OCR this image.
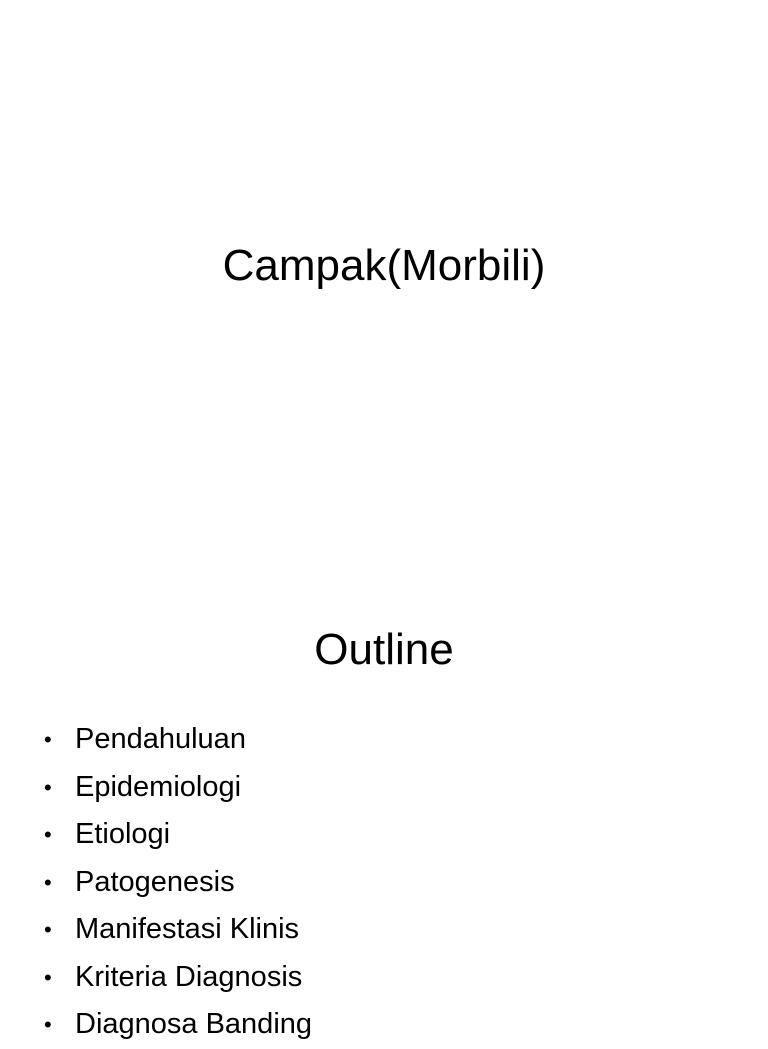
Campak(Morbili)
Outline
• Pendahuluan
• Epidemiologi
• Etiologi
• Patogenesis
• Manifestasi Klinis
• Kriteria Diagnosis
• Diagnosa Banding
